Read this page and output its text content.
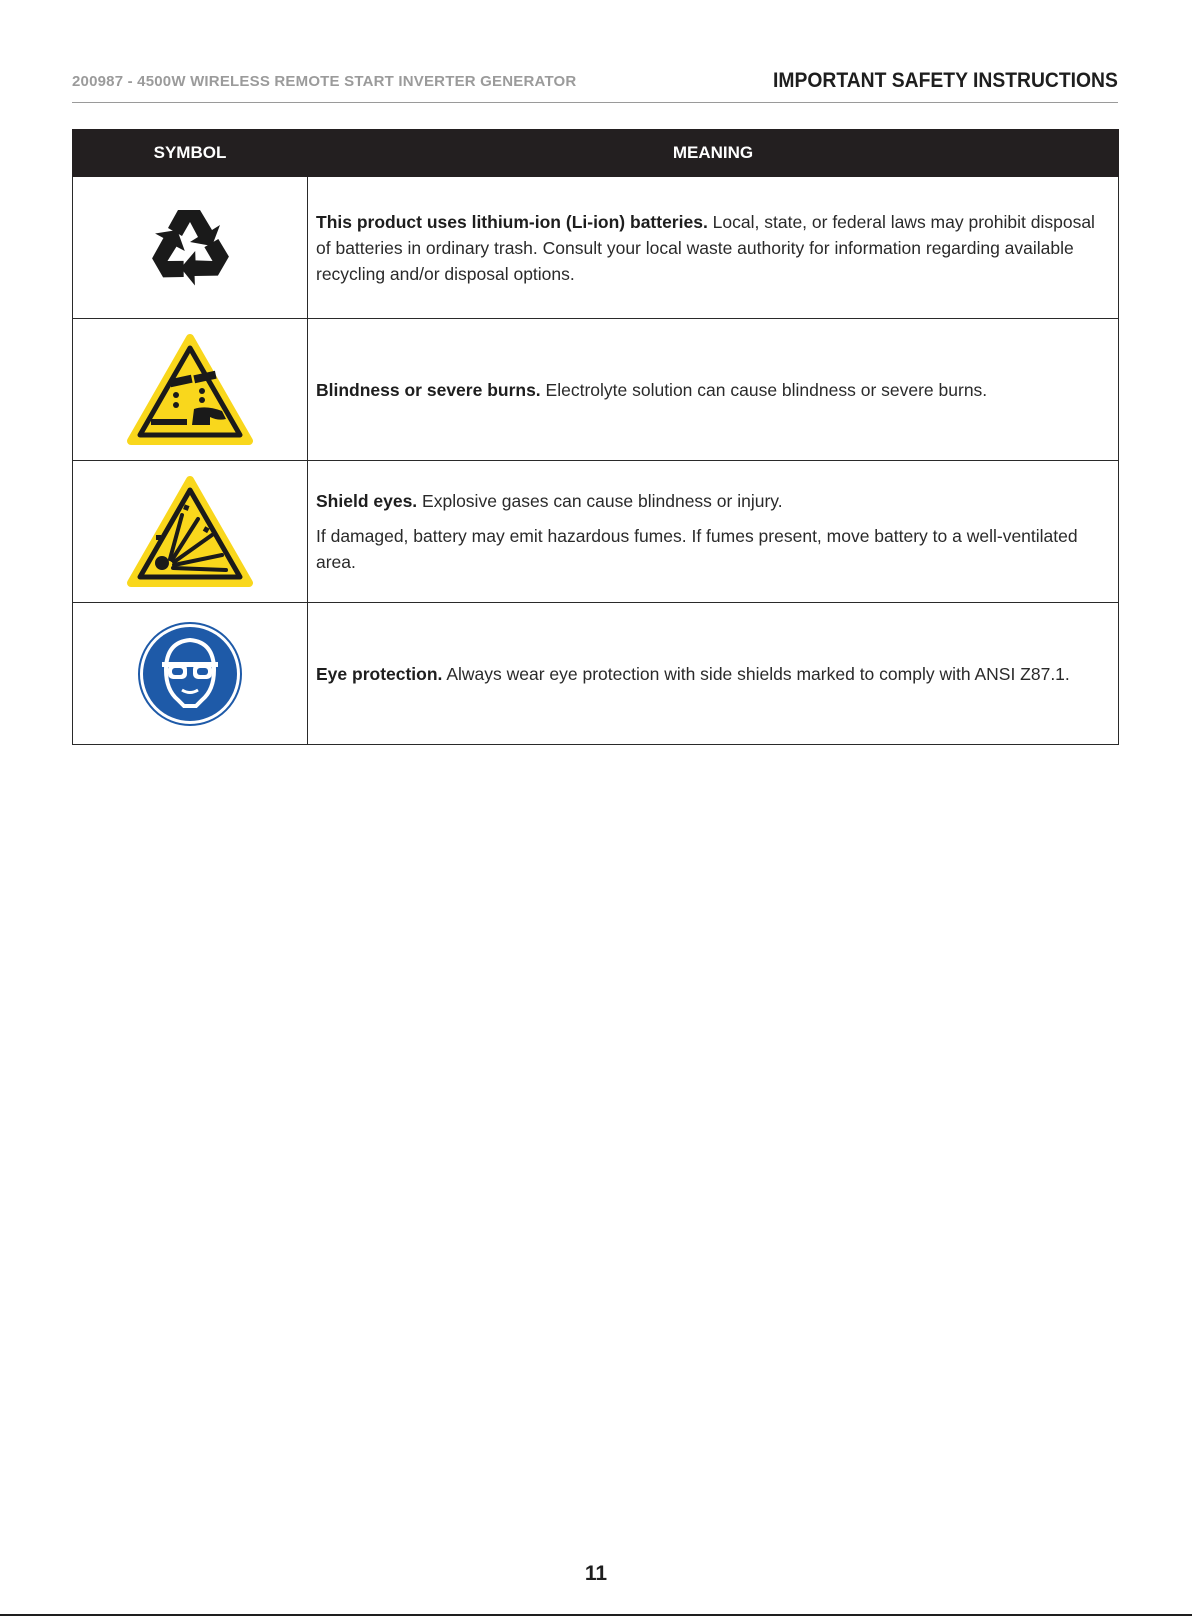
200987 - 4500W WIRELESS REMOTE START INVERTER GENERATOR	IMPORTANT SAFETY INSTRUCTIONS
SYMBOL	MEANING

This product uses lithium-ion (Li-ion) batteries. Local, state, or federal laws may prohibit disposal of batteries in ordinary trash. Consult your local waste authority for information regarding available recycling and/or disposal options.

Blindness or severe burns. Electrolyte solution can cause blindness or severe burns.

Shield eyes. Explosive gases can cause blindness or injury.

If damaged, battery may emit hazardous fumes. If fumes present, move battery to a well-ventilated area.

Eye protection. Always wear eye protection with side shields marked to comply with ANSI Z87.1.

11
